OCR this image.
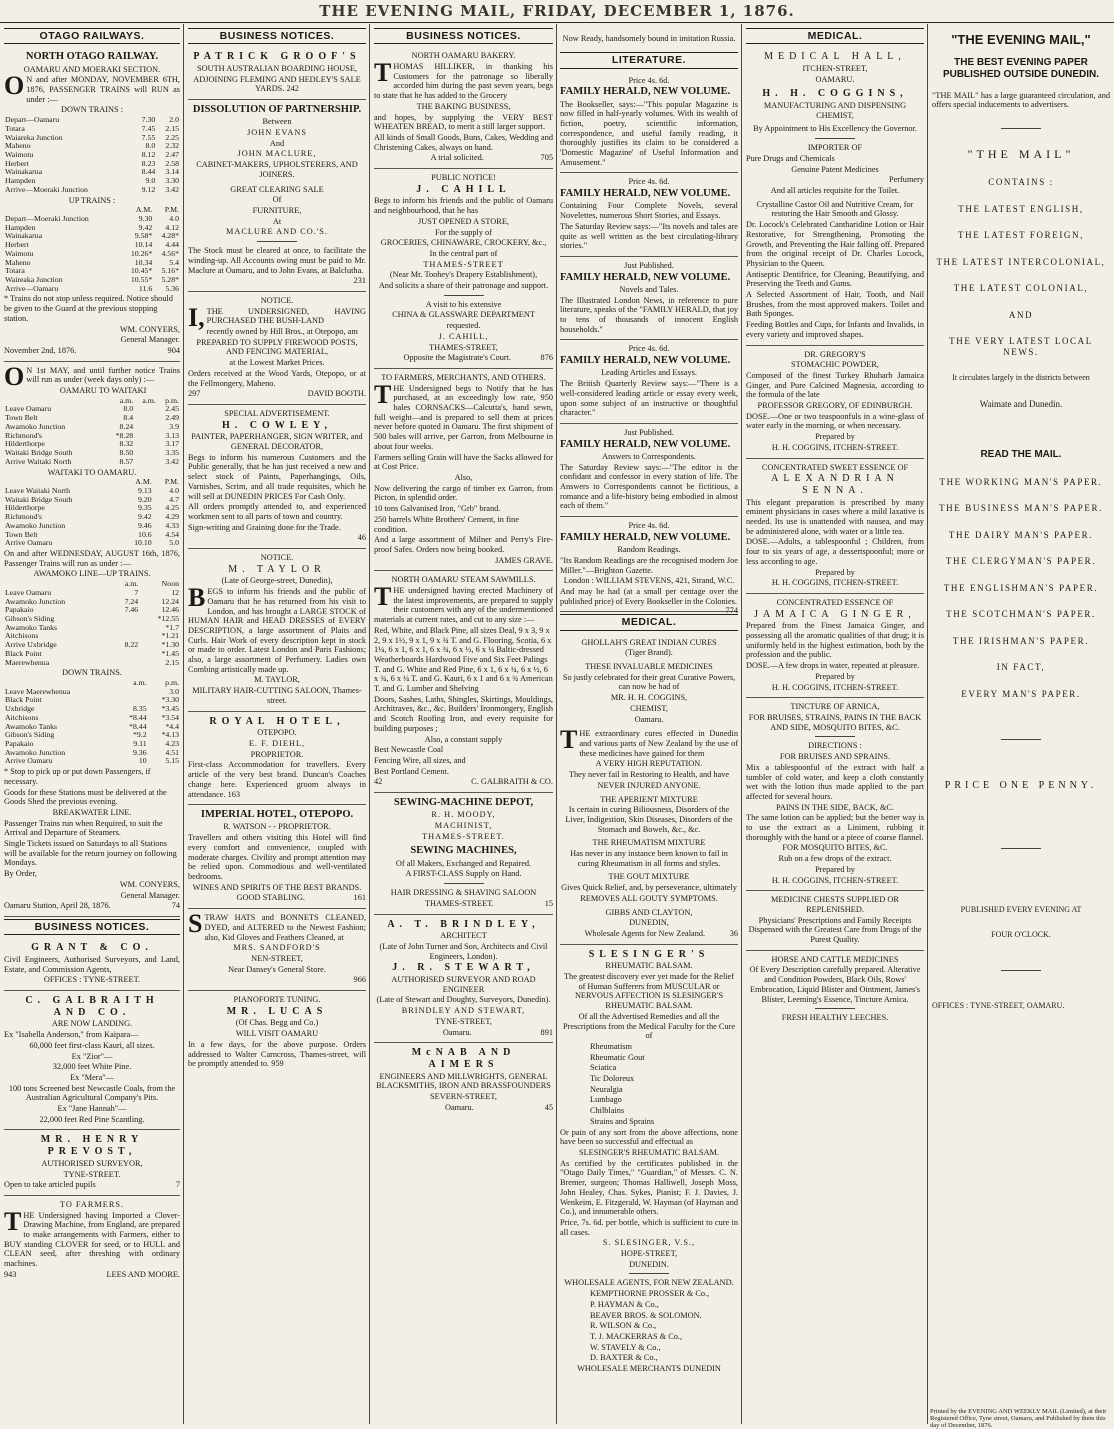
THE EVENING MAIL, FRIDAY, DECEMBER 1, 1876.
OTAGO RAILWAYS.

NORTH OTAGO RAILWAY.

OAMARU AND MOERAKI SECTION.

ON and after MONDAY, NOVEMBER 6TH, 1876, PASSENGER TRAINS will RUN as under :—

DOWN TRAINS :

Depart—Oamaru	7.30	2.0
Totara	7.45	2.15
Waiareka Junction	7.55	2.25
Maheno	8.0	2.32
Waimotu	8.12	2.47
Herbert	8.23	2.58
Wainakarua	8.44	3.14
Hampden	9.0	3.30
Arrive—Moeraki Junction	9.12	3.42

UP TRAINS :

	A.M.	P.M.
Depart—Moeraki Junction	9.30	4.0
Hampden	9.42	4.12
Wainakarua	9.58*	4.28*
Herbert	10.14	4.44
Waimotu	10.26*	4.56*
Maheno	10.34	5.4
Totara	10.45*	5.16*
Waireaka Junction	10.55*	5.28*
Arrive—Oamaru	11.6	5.36

* Trains do not stop unless required. Notice should be given to the Guard at the previous stopping station.

WM. CONYERS,

General Manager.

November 2nd, 1876.	904

ON 1st MAY, and until further notice Trains will run as under (week days only) :—

OAMARU TO WAITAKI

	a.m.	a.m.	p.m.
Leave Oamaru	8.0		2.45
Town Belt	8.4		2.49
Awamoko Junction	8.24		3.9
Richmond's	*8.28		3.13
Hilderthorpe	8.32		3.17
Waitaki Bridge South	8.50		3.35
Arrive Waitaki North	8.57		3.42

WAITAKI TO OAMARU.

	A.M.	P.M.
Leave Waitaki North	9.13	4.0
Waitaki Bridge South	9.20	4.7
Hilderthorpe	9.35	4.25
Richmond's	9.42	4.29
Awamoko Junction	9.46	4.33
Town Belt	10.6	4.54
Arrive Oamaru	10.10	5.0

On and after WEDNESDAY, AUGUST 16th, 1876, Passenger Trains will run as under :—

AWAMOKO LINE—UP TRAINS.

	a.m.	Noon
Leave Oamaru	7	12
Awamoko Junction	7.24	12.24
Papakaio	7.46	12.46
Gibson's Siding		*12.55
Awamoko Tanks		*1.7
Aitchisons		*1.21
Arrive Uxbridge	8.22	*1.30
Black Point		*1.45
Maerewhenua		2.15

DOWN TRAINS.

	a.m.	p.m.
Leave Maerewhenua		3.0
Black Point		*3.30
Uxbridge	8.35	*3.45
Aitchisons	*8.44	*3.54
Awamoko Tanks	*8.44	*4.4
Gibson's Siding	*9.2	*4.13
Papakaio	9.11	4.23
Awamoko Junction	9.36	4.51
Arrive Oamaru	10	5.15

* Stop to pick up or put down Passengers, if necessary.

Goods for these Stations must be delivered at the Goods Shed the previous evening.

BREAKWATER LINE.

Passenger Trains run when Required, to suit the Arrival and Departure of Steamers.

Single Tickets issued on Saturdays to all Stations will be available for the return journey on following Mondays.

By Order,

WM. CONYERS,

General Manager.

Oamaru Station, April 28, 1876.	74

BUSINESS NOTICES.

GRANT & CO.

Civil Engineers, Authorised Surveyors, and Land, Estate, and Commission Agents,

OFFICES : TYNE-STREET.

C. GALBRAITH AND CO.

ARE NOW LANDING.

Ex "Isabella Anderson," from Kaipara—

60,000 feet first-class Kauri, all sizes.

Ex "Zior"—

32,000 feet White Pine.

Ex "Mera"—

100 tons Screened best Newcastle Coals, from the Australian Agricultural Company's Pits.

Ex "Jane Hannah"—

22,000 feet Red Pine Scantling.

MR. HENRY PREVOST,

AUTHORISED SURVEYOR,

TYNE-STREET.

Open to take articled pupils	7

TO FARMERS.

THE Undersigned having Imported a Clover-Drawing Machine, from England, are prepared to make arrangements with Farmers, either to BUY standing CLOVER for seed, or to HULL and CLEAN seed, after threshing with ordinary machines.

943	LEES AND MOORE.

BUSINESS NOTICES.

PATRICK GROOF'S

SOUTH AUSTRALIAN BOARDING HOUSE,

ADJOINING FLEMING AND HEDLEY'S SALE YARDS. 242

DISSOLUTION OF PARTNERSHIP.

Between

JOHN EVANS

And

JOHN MACLURE,

CABINET-MAKERS, UPHOLSTERERS, AND JOINERS.

GREAT CLEARING SALE

Of

FURNITURE,

At

MACLURE AND CO.'S.

The Stock must be cleared at once, to facilitate the winding-up. All Accounts owing must be paid to Mr. Maclure at Oamaru, and to John Evans, at Balclutha.

231

NOTICE.

I,THE UNDERSIGNED, HAVING PURCHASED THE BUSH-LAND

recently owned by Hill Bros., at Otepopo, am

PREPARED TO SUPPLY FIREWOOD POSTS, AND FENCING MATERIAL,

at the Lowest Market Prices.

Orders received at the Wood Yards, Otepopo, or at the Fellmongery, Maheno.

297	DAVID BOOTH.

SPECIAL ADVERTISEMENT.

H. COWLEY,

PAINTER, PAPERHANGER, SIGN WRITER, and GENERAL DECORATOR,

Begs to inform his numerous Customers and the Public generally, that he has just received a new and select stock of Paints, Paperhangings, Oils, Varnishes, Scrim, and all trade requisites, which he will sell at DUNEDIN PRICES For Cash Only.

All orders promptly attended to, and experienced workmen sent to all parts of town and country.

Sign-writing and Graining done for the Trade.

46

NOTICE.

M. TAYLOR

(Late of George-street, Dunedin),

BEGS to inform his friends and the public of Oamaru that he has returned from his visit to London, and has brought a LARGE STOCK of HUMAN HAIR and HEAD DRESSES of EVERY DESCRIPTION, a large assortment of Plaits and Curls. Hair Work of every description kept in stock or made to order. Latest London and Paris Fashions; also, a large assortment of Perfumery. Ladies own Combing artistically made up.

M. TAYLOR,

MILITARY HAIR-CUTTING SALOON, Thames-street.

ROYAL HOTEL,

OTEPOPO.

E. F. DIEHL,

PROPRIETOR.

First-class Accommodation for travellers. Every article of the very best brand. Duncan's Coaches change here. Experienced groom always in attendance. 163

IMPERIAL HOTEL, OTEPOPO.

R. WATSON - - PROPRIETOR.

Travellers and others visiting this Hotel will find every comfort and convenience, coupled with moderate charges. Civility and prompt attention may be relied upon. Commodious and well-ventilated bedrooms.

WINES AND SPIRITS OF THE BEST BRANDS.

GOOD STABLING.	161

STRAW HATS and BONNETS CLEANED, DYED, and ALTERED to the Newest Fashion; also, Kid Gloves and Feathers Cleaned, at

MRS. SANDFORD'S

NEN-STREET,

Near Dansey's General Store.

966

PIANOFORTE TUNING.

MR. LUCAS

(Of Chas. Begg and Co.)

WILL VISIT OAMARU

In a few days, for the above purpose. Orders addressed to Walter Carncross, Thames-street, will be promptly attended to. 959

BUSINESS NOTICES.

NORTH OAMARU BAKERY.

THOMAS HILLIKER, in thanking his Customers for the patronage so liberally accorded him during the past seven years, begs to state that he has added to the Grocery

THE BAKING BUSINESS,

and hopes, by supplying the VERY BEST WHEATEN BREAD, to merit a still larger support.

All kinds of Small Goods, Buns, Cakes, Wedding and Christening Cakes, always on hand.

A trial solicited.	705

PUBLIC NOTICE!

J. CAHILL

Begs to inform his friends and the public of Oamaru and neighbourhood, that he has

JUST OPENED A STORE,

For the supply of

GROCERIES, CHINAWARE, CROCKERY, &c.,

In the central part of

THAMES-STREET

(Near Mr. Toohey's Drapery Establishment),

And solicits a share of their patronage and support.

A visit to his extensive

CHINA & GLASSWARE DEPARTMENT

requested.

J. CAHILL,

THAMES-STREET,

Opposite the Magistrate's Court.	876

TO FARMERS, MERCHANTS, AND OTHERS.

THE Undersigned begs to Notify that he has purchased, at an exceedingly low rate, 950 bales CORNSACKS—Calcutta's, hand sewn, full weight—and is prepared to sell them at prices never before quoted in Oamaru. The first shipment of 500 bales will arrive, per Garron, from Melbourne in about four weeks.

Farmers selling Grain will have the Sacks allowed for at Cost Price.

Also,

Now delivering the cargo of timber ex Garron, from Picton, in splendid order.

10 tons Galvanised Iron, "Grb" brand.

250 barrels White Brothers' Cement, in fine condition.

And a large assortment of Milner and Perry's Fire-proof Safes. Orders now being booked.

JAMES GRAVE.

NORTH OAMARU STEAM SAWMILLS.

THE undersigned having erected Machinery of the latest improvements, are prepared to supply their customers with any of the undermentioned materials at current rates, and cut to any size :—

Red, White, and Black Pine, all sizes Deal, 9 x 3, 9 x 2, 9 x 1½, 9 x 1, 9 x ¾ T. and G. Flooring, Scotia, 6 x 1¼, 6 x 1, 6 x 1, 6 x ¾, 6 x ½, 6 x ¼ Baltic-dressed Weatherboards Hardwood Five and Six Feet Palings T. and G. White and Red Pine, 6 x 1, 6 x ¾, 6 x ½, 6 x ¾, 6 x ¼ T. and G. Kauri, 6 x 1 and 6 x ¾ American T. and G. Lumber and Shelving

Doors, Sashes, Laths, Shingles, Skirtings, Mouldings, Architraves, &c., &c. Builders' Ironmongery, English and Scotch Roofing Iron, and every requisite for building purposes ;

Also, a constant supply

Best Newcastle Coal

Fencing Wire, all sizes, and

Best Portland Cement.

42	C. GALBRAITH & CO.

SEWING-MACHINE DEPOT,

R. H. MOODY,

MACHINIST,

THAMES-STREET.

SEWING MACHINES,

Of all Makers, Exchanged and Repaired.

A FIRST-CLASS Supply on Hand.

HAIR DRESSING & SHAVING SALOON

THAMES-STREET.	15

A. T. BRINDLEY,

ARCHITECT

(Late of John Turner and Son, Architects and Civil Engineers, London).

J. R. STEWART,

AUTHORISED SURVEYOR AND ROAD ENGINEER

(Late of Stewart and Doughty, Surveyors, Dunedin).

BRINDLEY AND STEWART,

TYNE-STREET,

Oamaru.	891

McNAB AND AIMERS

ENGINEERS AND MILLWRIGHTS, GENERAL BLACKSMITHS, IRON AND BRASSFOUNDERS

SEVERN-STREET,

Oamaru.	45

Now Ready, handsomely bound in imitation Russia.

LITERATURE.

Price 4s. 6d.

FAMILY HERALD, NEW VOLUME.

The Bookseller, says:—"This popular Magazine is now filled in half-yearly volumes. With its wealth of fiction, poetry, scientific information, correspondence, and useful family reading, it thoroughly justifies its claim to be considered a 'Domestic Magazine' of Useful Information and Amusement."

Price 4s. 6d.

FAMILY HERALD, NEW VOLUME.

Containing Four Complete Novels, several Novelettes, numerous Short Stories, and Essays.

The Saturday Review says:—"Its novels and tales are quite as well written as the best circulating-library stories."

Just Published.

FAMILY HERALD, NEW VOLUME.

Novels and Tales.

The Illustrated London News, in reference to pure literature, speaks of the "FAMILY HERALD, that joy to tens of thousands of innocent English households."

Price 4s. 6d.

FAMILY HERALD, NEW VOLUME.

Leading Articles and Essays.

The British Quarterly Review says:—"There is a well-considered leading article or essay every week, upon some subject of an instructive or thoughtful character."

Just Published.

FAMILY HERALD, NEW VOLUME.

Answers to Correspondents.

The Saturday Review says:—"The editor is the confidant and confessor in every station of life. The Answers to Correspondents cannot be fictitious, a romance and a life-history being embodied in almost each of them."

Price 4s. 6d.

FAMILY HERALD, NEW VOLUME.

Random Readings.

"Its Random Readings are the recognised modern Joe Miller."—Brighton Gazette.

London : WILLIAM STEVENS, 421, Strand, W.C.

And may be had (at a small per centage over the published price) of Every Bookseller in the Colonies.
774

MEDICAL.

GHOLLAH'S GREAT INDIAN CURES

(Tiger Brand).

THESE INVALUABLE MEDICINES

So justly celebrated for their great Curative Powers, can now be had of

MR. H. H. COGGINS,

CHEMIST,

Oamaru.

THE extraordinary cures effected in Dunedin and various parts of New Zealand by the use of these medicines have gained for them

A VERY HIGH REPUTATION.

They never fail in Restoring to Health, and have

NEVER INJURED ANYONE.

THE APERIENT MIXTURE

Is certain in curing Biliousness, Disorders of the Liver, Indigestion, Skin Diseases, Disorders of the Stomach and Bowels, &c., &c.

THE RHEUMATISM MIXTURE

Has never in any instance been known to fail in curing Rheumatism in all forms and styles.

THE GOUT MIXTURE

Gives Quick Relief, and, by perseverance, ultimately

REMOVES ALL GOUTY SYMPTOMS.

GIBBS AND CLAYTON,

DUNEDIN,

Wholesale Agents for New Zealand.	36

SLESINGER'S

RHEUMATIC BALSAM.

The greatest discovery ever yet made for the Relief of Human Sufferers from MUSCULAR or NERVOUS AFFECTION IS SLESINGER'S RHEUMATIC BALSAM.

Of all the Advertised Remedies and all the Prescriptions from the Medical Faculty for the Cure of

Rheumatism

Rheumatic Gout

Sciatica

Tic Doloreux

Neuralgia

Lumbago

Chilblains

Strains and Sprains

Or pain of any sort from the above affections, none have been so successful and effectual as

SLESINGER'S RHEUMATIC BALSAM.

As certified by the certificates published in the "Otago Daily Times," "Guardian," of Messrs. C. N. Bremer, surgeon; Thomas Halliwell, Joseph Moss, John Healey, Chas. Sykes, Pianist; F. J. Davies, J. Wenkeim, E. Fitzgerald, W. Hayman (of Hayman and Co.), and innumerable others.

Price, 7s. 6d. per bottle, which is sufficient to cure in all cases.

S. SLESINGER, V.S.,

HOPE-STREET,

DUNEDIN.

WHOLESALE AGENTS, FOR NEW ZEALAND.

KEMPTHORNE PROSSER & Co.,

P. HAYMAN & Co.,

BEAVER BROS. & SOLOMON.

R. WILSON & Co.,

T. J. MACKERRAS & Co.,

W. STAVELY & Co.,

D. BAXTER & Co.,

WHOLESALE MERCHANTS DUNEDIN

MEDICAL.

MEDICAL HALL,

ITCHEN-STREET,

OAMARU.

H. H. COGGINS,

MANUFACTURING AND DISPENSING CHEMIST,

By Appointment to His Excellency the Governor.

IMPORTER OF

Pure Drugs and Chemicals

Genuine Patent Medicines

Perfumery

And all articles requisite for the Toilet.

Crystalline Castor Oil and Nutritive Cream, for restoring the Hair Smooth and Glossy.

Dr. Locock's Celebrated Cantharidine Lotion or Hair Restorative, for Strengthening, Promoting the Growth, and Preventing the Hair falling off. Prepared from the original receipt of Dr. Charles Locock, Physician to the Queen.

Antiseptic Dentifrice, for Cleaning, Beautifying, and Preserving the Teeth and Gums.

A Selected Assortment of Hair, Tooth, and Nail Brushes, from the most approved makers. Toilet and Bath Sponges.

Feeding Bottles and Cups, for Infants and Invalids, in every variety and improved shapes.

DR. GREGORY'S

STOMACHIC POWDER,

Composed of the finest Turkey Rhubarb Jamaica Ginger, and Pure Calcined Magnesia, according to the formula of the late

PROFESSOR GREGORY, OF EDINBURGH.

DOSE.—One or two teaspoonfuls in a wine-glass of water early in the morning, or when necessary.

Prepared by

H. H. COGGINS, ITCHEN-STREET.

CONCENTRATED SWEET ESSENCE OF

ALEXANDRIAN SENNA.

This elegant preparation is prescribed by many eminent physicians in cases where a mild laxative is needed. Its use is unattended with nausea, and may be administered alone, with water or a little tea.

DOSE.—Adults, a tablespoonful ; Children, from four to six years of age, a dessertspoonful; more or less according to age.

Prepared by

H. H. COGGINS, ITCHEN-STREET.

CONCENTRATED ESSENCE OF

JAMAICA GINGER,

Prepared from the Finest Jamaica Ginger, and possessing all the aromatic qualities of that drug; it is uniformly held in the highest estimation, both by the profession and the public.

DOSE.—A few drops in water, repeated at pleasure.

Prepared by

H. H. COGGINS, ITCHEN-STREET.

TINCTURE OF ARNICA,

FOR BRUISES, STRAINS, PAINS IN THE BACK AND SIDE, MOSQUITO BITES, &C.

DIRECTIONS :

FOR BRUISES AND SPRAINS.

Mix a tablespoonful of the extract with half a tumbler of cold water, and keep a cloth constantly wet with the lotion thus made applied to the part affected for several hours.

PAINS IN THE SIDE, BACK, &C.

The same lotion can be applied; but the better way is to use the extract as a Liniment, rubbing it thoroughly with the hand or a piece of coarse flannel.

FOR MOSQUITO BITES, &C.

Rub on a few drops of the extract.

Prepared by

H. H. COGGINS, ITCHEN-STREET.

MEDICINE CHESTS SUPPLIED OR REPLENISHED.

Physicians' Prescriptions and Family Receipts Dispensed with the Greatest Care from Drugs of the Purest Quality.

HORSE AND CATTLE MEDICINES

Of Every Description carefully prepared. Alterative and Condition Powders, Black Oils, Rows' Embrocation, Liquid Blister and Ointment, James's Blister, Leeming's Essence, Tincture Arnica.

FRESH HEALTHY LEECHES.

"THE EVENING MAIL,"

THE BEST EVENING PAPER PUBLISHED OUTSIDE DUNEDIN.

"THE MAIL" has a large guaranteed circulation, and offers special inducements to advertisers.

"THE MAIL"

CONTAINS :

THE LATEST ENGLISH,

THE LATEST FOREIGN,

THE LATEST INTERCOLONIAL,

THE LATEST COLONIAL,

AND

THE VERY LATEST LOCAL NEWS.

It circulates largely in the districts between

Waimate and Dunedin.

READ THE MAIL.

THE WORKING MAN'S PAPER.

THE BUSINESS MAN'S PAPER.

THE DAIRY MAN'S PAPER.

THE CLERGYMAN'S PAPER.

THE ENGLISHMAN'S PAPER.

THE SCOTCHMAN'S PAPER.

THE IRISHMAN'S PAPER.

IN FACT,

EVERY MAN'S PAPER.

PRICE ONE PENNY.

PUBLISHED EVERY EVENING AT

FOUR O'CLOCK.

OFFICES : TYNE-STREET, OAMARU.

Printed by the EVENING AND WEEKLY MAIL (Limited), at their Registered Office, Tyne street, Oamaru, and Published by them this day of December, 1876.
